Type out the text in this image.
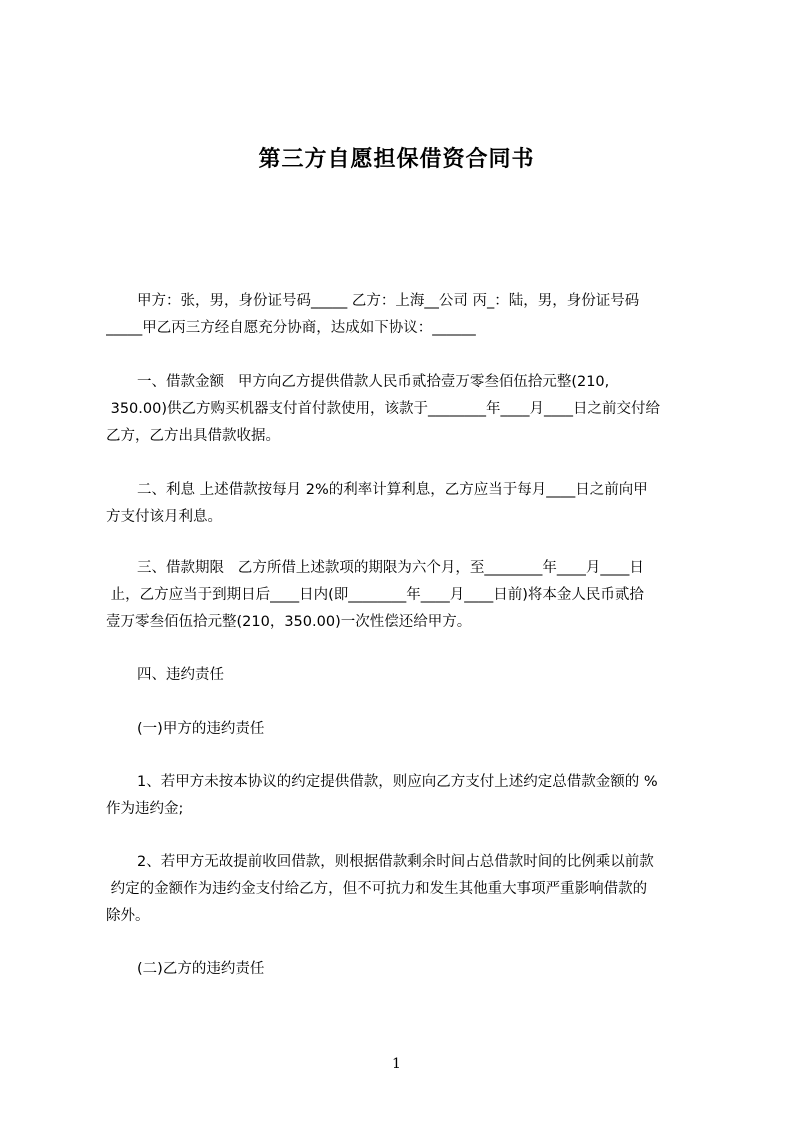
第三方自愿担保借资合同书
甲方：张，男，身份证号码_____ 乙方：上海__公司 丙_：陆，男，身份证号码
_____甲乙丙三方经自愿充分协商，达成如下协议：______
一、借款金额   甲方向乙方提供借款人民币贰拾壹万零叁佰伍拾元整(210,
350.00)供乙方购买机器支付首付款使用，该款于________年____月____日之前交付给
乙方，乙方出具借款收据。
二、利息 上述借款按每月 2%的利率计算利息，乙方应当于每月____日之前向甲
方支付该月利息。
三、借款期限   乙方所借上述款项的期限为六个月，至________年____月____日
止，乙方应当于到期日后____日内(即________年____月____日前)将本金人民币贰拾
壹万零叁佰伍拾元整(210，350.00)一次性偿还给甲方。
四、违约责任
(一)甲方的违约责任
1、若甲方未按本协议的约定提供借款，则应向乙方支付上述约定总借款金额的 %
作为违约金;
2、若甲方无故提前收回借款，则根据借款剩余时间占总借款时间的比例乘以前款
约定的金额作为违约金支付给乙方，但不可抗力和发生其他重大事项严重影响借款的
除外。
(二)乙方的违约责任
1
